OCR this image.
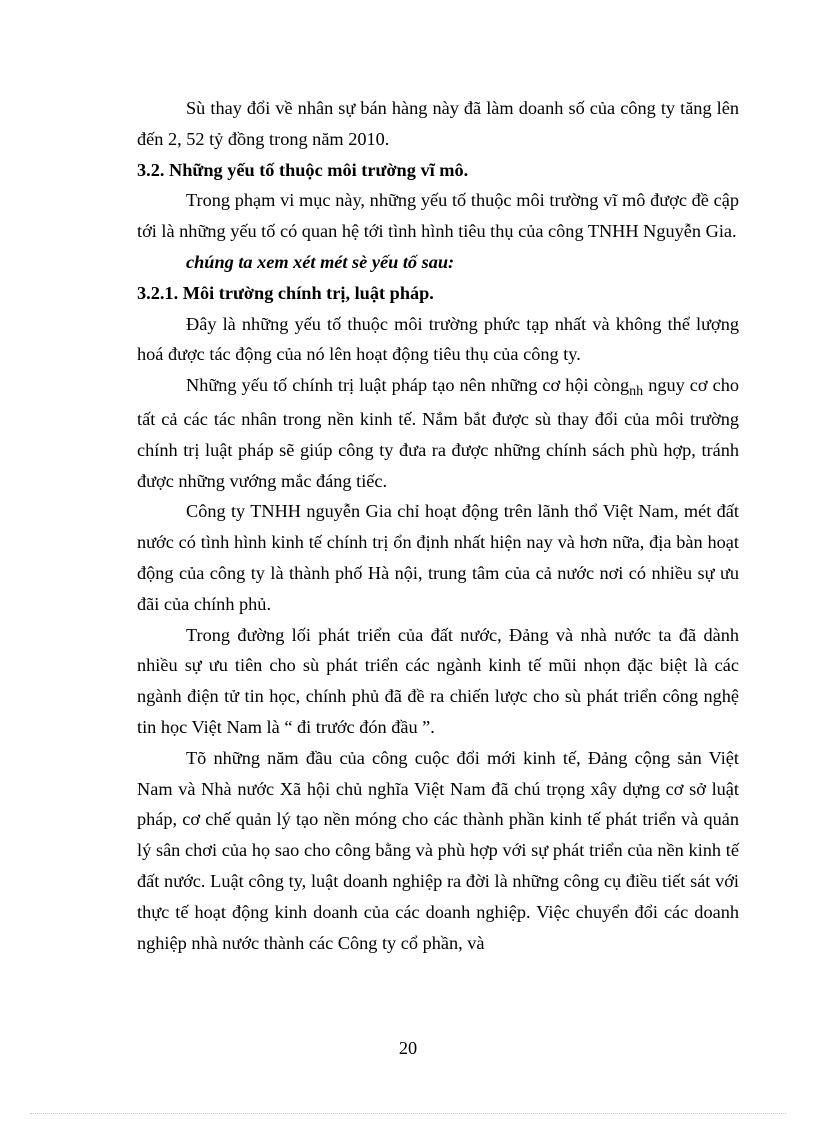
Sù thay đổi về nhân sự bán hàng này đã làm doanh số của công ty tăng lên đến 2, 52 tỷ đồng trong năm 2010.

3.2. Những yếu tố thuộc môi trường vĩ mô.

Trong phạm vi mục này, những yếu tố thuộc môi trường vĩ mô được đề cập tới là những yếu tố có quan hệ tới tình hình tiêu thụ của công TNHH Nguyễn Gia.

chúng ta xem xét mét sè yếu tố sau:

3.2.1. Môi trường chính trị, luật pháp.

Đây là những yếu tố thuộc môi trường phức tạp nhất và không thể lượng hoá được tác động của nó lên hoạt động tiêu thụ của công ty.

Những yếu tố chính trị luật pháp tạo nên những cơ hội còng$_{nh}$ nguy cơ cho tất cả các tác nhân trong nền kinh tế. Nắm bắt được sù thay đổi của môi trường chính trị luật pháp sẽ giúp công ty đưa ra được những chính sách phù hợp, tránh được những vướng mắc đáng tiếc.

Công ty TNHH nguyễn Gia chỉ hoạt động trên lãnh thổ Việt Nam, mét đất nước có tình hình kinh tế chính trị ổn định nhất hiện nay và hơn nữa, địa bàn hoạt động của công ty là thành phố Hà nội, trung tâm của cả nước nơi có nhiều sự ưu đãi của chính phủ.

Trong đường lối phát triển của đất nước, Đảng và nhà nước ta đã dành nhiều sự ưu tiên cho sù phát triển các ngành kinh tế mũi nhọn đặc biệt là các ngành điện tử tin học, chính phủ đã đề ra chiến lược cho sù phát triển công nghệ tin học Việt Nam là “ đi trước đón đầu ”.

Tõ những năm đầu của công cuộc đổi mới kinh tế, Đảng cộng sản Việt Nam và Nhà nước Xã hội chủ nghĩa Việt Nam đã chú trọng xây dựng cơ sở luật pháp, cơ chế quản lý tạo nền móng cho các thành phần kinh tế phát triển và quản lý sân chơi của họ sao cho công bằng và phù hợp với sự phát triển của nền kinh tế đất nước. Luật công ty, luật doanh nghiệp ra đời là những công cụ điều tiết sát với thực tế hoạt động kinh doanh của các doanh nghiệp. Việc chuyển đổi các doanh nghiệp nhà nước thành các Công ty cổ phần, và

20
